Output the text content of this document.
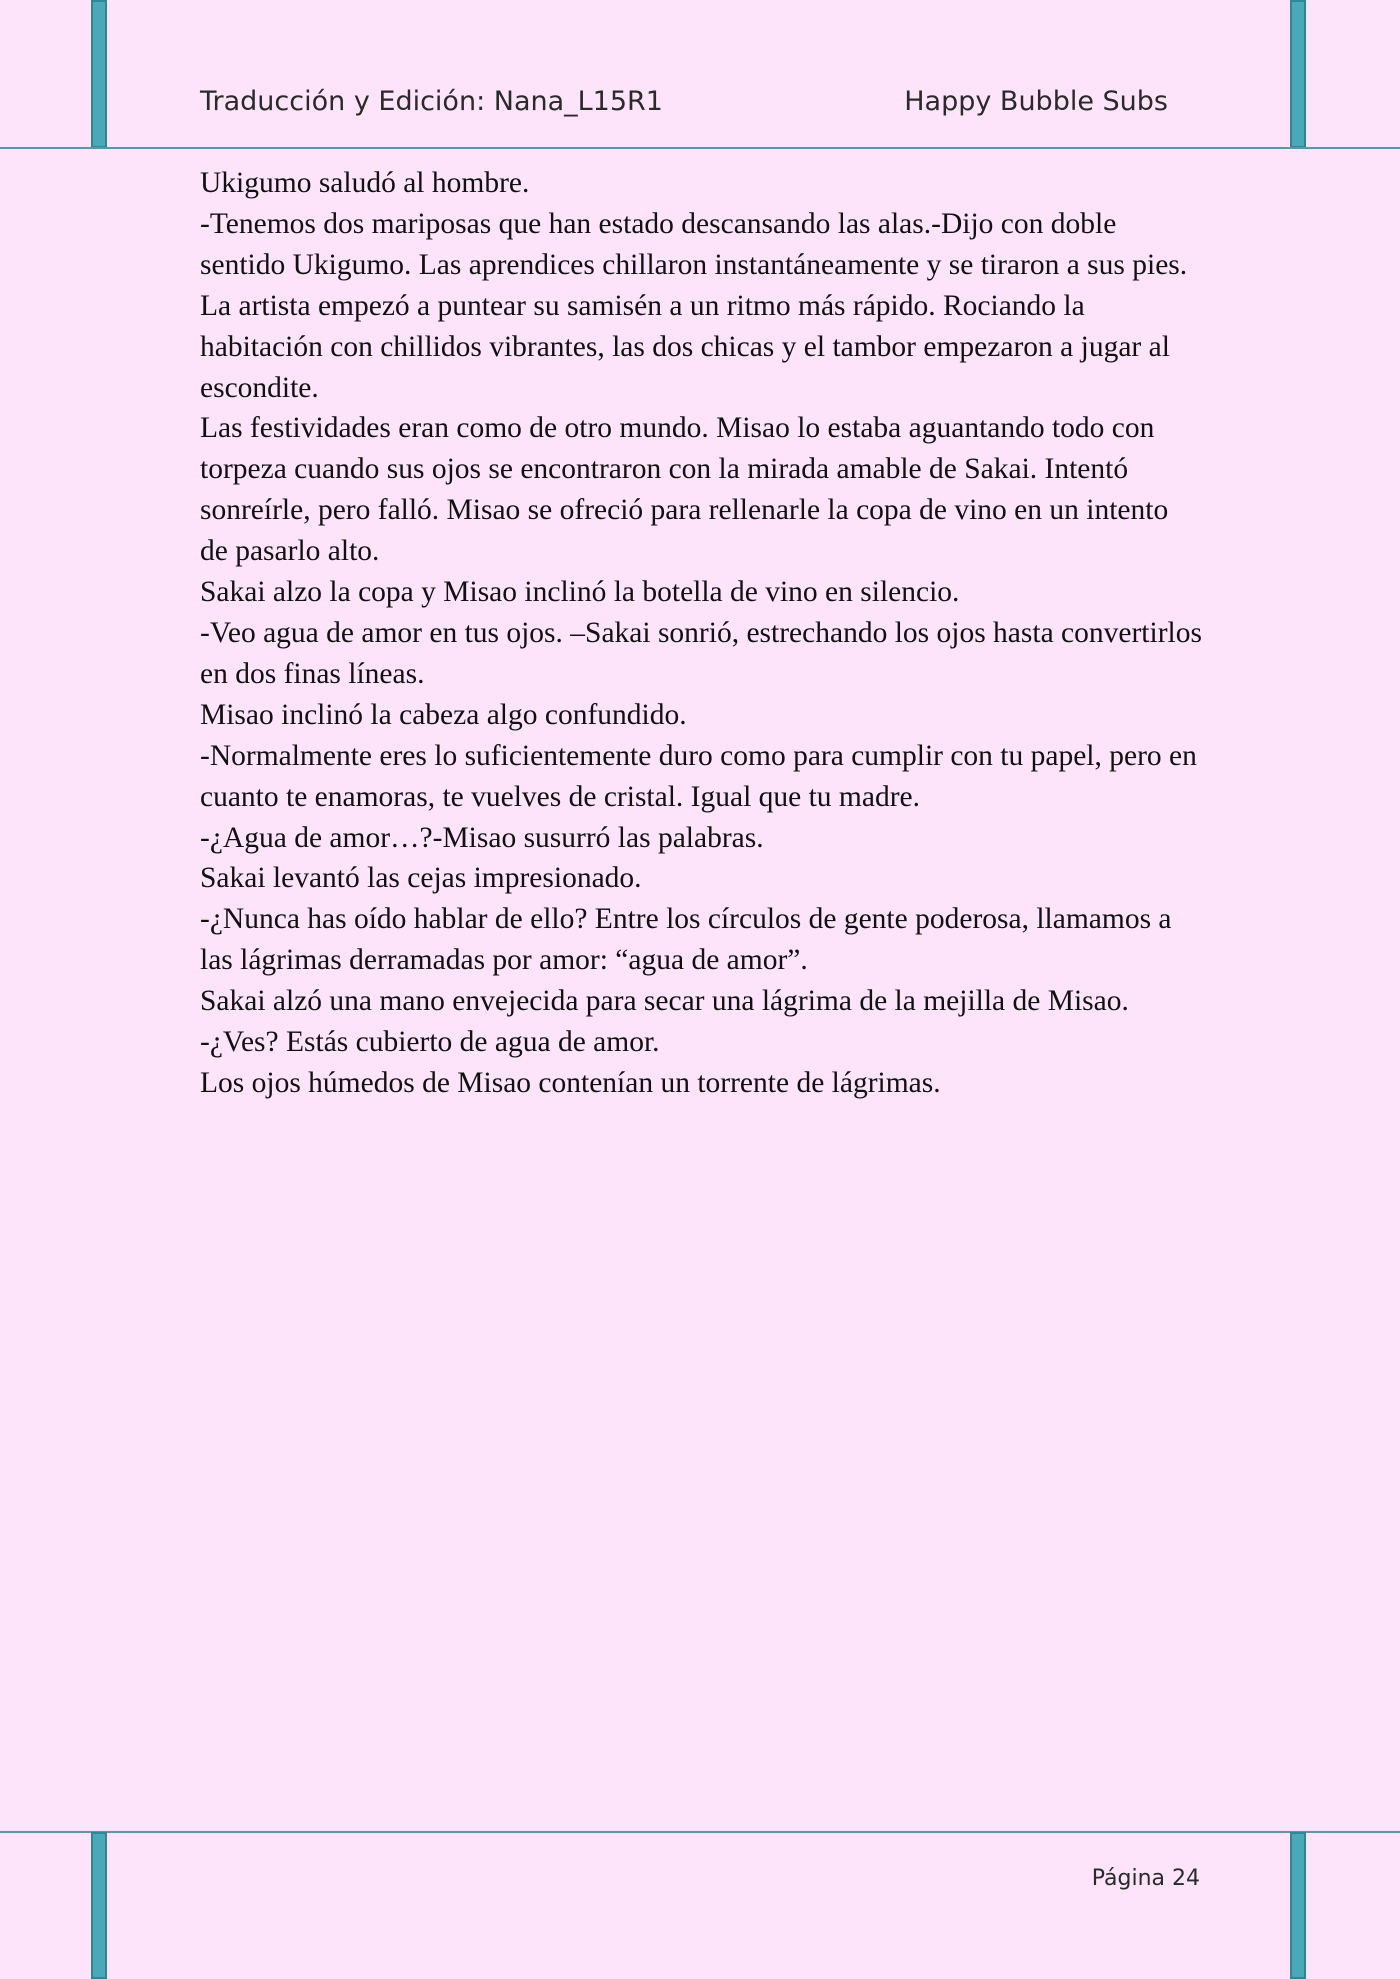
Traducción y Edición: Nana_L15R1	Happy Bubble Subs

Ukigumo saludó al hombre.

-Tenemos dos mariposas que han estado descansando las alas.-Dijo con doble sentido Ukigumo. Las aprendices chillaron instantáneamente y se tiraron a sus pies. La artista empezó a puntear su samisén a un ritmo más rápido. Rociando la habitación con chillidos vibrantes, las dos chicas y el tambor empezaron a jugar al escondite.

Las festividades eran como de otro mundo. Misao lo estaba aguantando todo con torpeza cuando sus ojos se encontraron con la mirada amable de Sakai. Intentó sonreírle, pero falló. Misao se ofreció para rellenarle la copa de vino en un intento de pasarlo alto.

Sakai alzo la copa y Misao inclinó la botella de vino en silencio.

-Veo agua de amor en tus ojos. –Sakai sonrió, estrechando los ojos hasta convertirlos en dos finas líneas.

Misao inclinó la cabeza algo confundido.

-Normalmente eres lo suficientemente duro como para cumplir con tu papel, pero en cuanto te enamoras, te vuelves de cristal. Igual que tu madre.

-¿Agua de amor…?-Misao susurró las palabras.

Sakai levantó las cejas impresionado.

-¿Nunca has oído hablar de ello? Entre los círculos de gente poderosa, llamamos a las lágrimas derramadas por amor: “agua de amor”.

Sakai alzó una mano envejecida para secar una lágrima de la mejilla de Misao.

-¿Ves? Estás cubierto de agua de amor.

Los ojos húmedos de Misao contenían un torrente de lágrimas.

Página 24
